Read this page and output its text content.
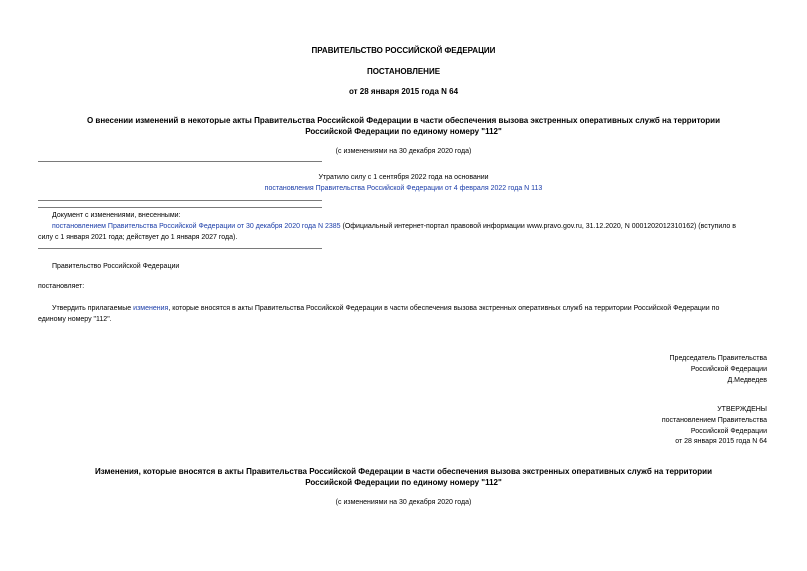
ПРАВИТЕЛЬСТВО РОССИЙСКОЙ ФЕДЕРАЦИИ
ПОСТАНОВЛЕНИЕ
от 28 января 2015 года N 64
О внесении изменений в некоторые акты Правительства Российской Федерации в части обеспечения вызова экстренных оперативных служб на территории
Российской Федерации по единому номеру "112"
(с изменениями на 30 декабря 2020 года)
Утратило силу с 1 сентября 2022 года на основании
постановления Правительства Российской Федерации от 4 февраля 2022 года N 113
Документ с изменениями, внесенными:
постановлением Правительства Российской Федерации от 30 декабря 2020 года N 2385 (Официальный интернет-портал правовой информации www.pravo.gov.ru, 31.12.2020, N 0001202012310162) (вступило в
силу с 1 января 2021 года; действует до 1 января 2027 года).
Правительство Российской Федерации
постановляет:
Утвердить прилагаемые изменения, которые вносятся в акты Правительства Российской Федерации в части обеспечения вызова экстренных оперативных служб на территории Российской Федерации по
единому номеру "112".
Председатель Правительства
Российской Федерации
Д.Медведев
УТВЕРЖДЕНЫ
постановлением Правительства
Российской Федерации
от 28 января 2015 года N 64
Изменения, которые вносятся в акты Правительства Российской Федерации в части обеспечения вызова экстренных оперативных служб на территории
Российской Федерации по единому номеру "112"
(с изменениями на 30 декабря 2020 года)
